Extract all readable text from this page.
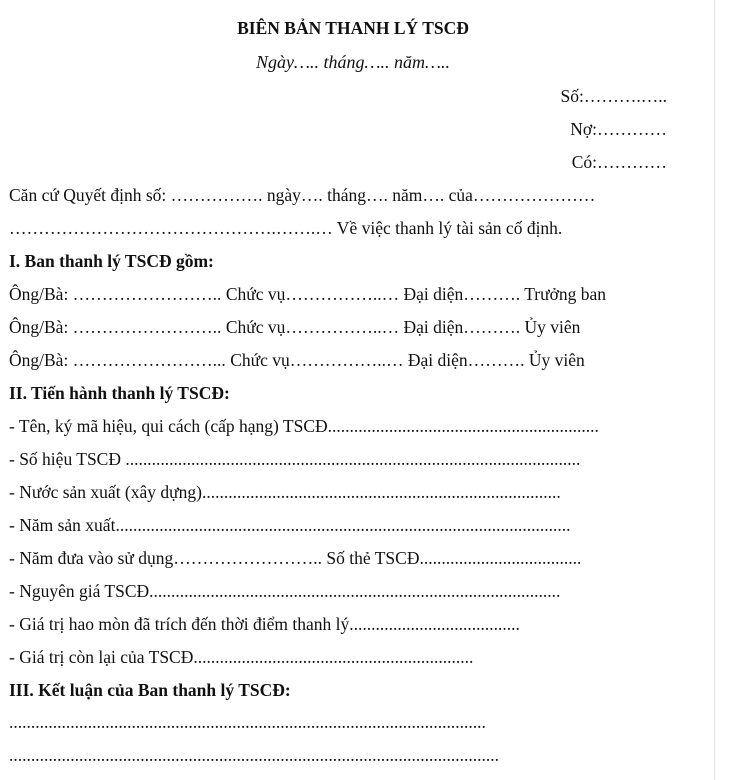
BIÊN BẢN THANH LÝ TSCĐ
Ngày….. tháng….. năm…..
Số:……….…..
Nợ:…………
Có:…………
Căn cứ Quyết định số: ……………. ngày…. tháng…. năm…. của…………………
……………………………………….…….… Về việc thanh lý tài sản cố định.
I. Ban thanh lý TSCĐ gồm:
Ông/Bà: …………………….. Chức vụ……………..… Đại diện………. Trưởng ban
Ông/Bà: …………………….. Chức vụ……………..… Đại diện………. Ủy viên
Ông/Bà: ……………………... Chức vụ……………..… Đại diện………. Ủy viên
II. Tiến hành thanh lý TSCĐ:
- Tên, ký mã hiệu, qui cách (cấp hạng) TSCĐ..............................................................
- Số hiệu TSCĐ ........................................................................................................
- Nước sản xuất (xây dựng)..................................................................................
- Năm sản xuất........................................................................................................
- Năm đưa vào sử dụng…………………….. Số thẻ TSCĐ.....................................
- Nguyên giá TSCĐ..............................................................................................
- Giá trị hao mòn đã trích đến thời điểm thanh lý.......................................
- Giá trị còn lại của TSCĐ................................................................
III. Kết luận của Ban thanh lý TSCĐ:
.............................................................................................................
................................................................................................................
